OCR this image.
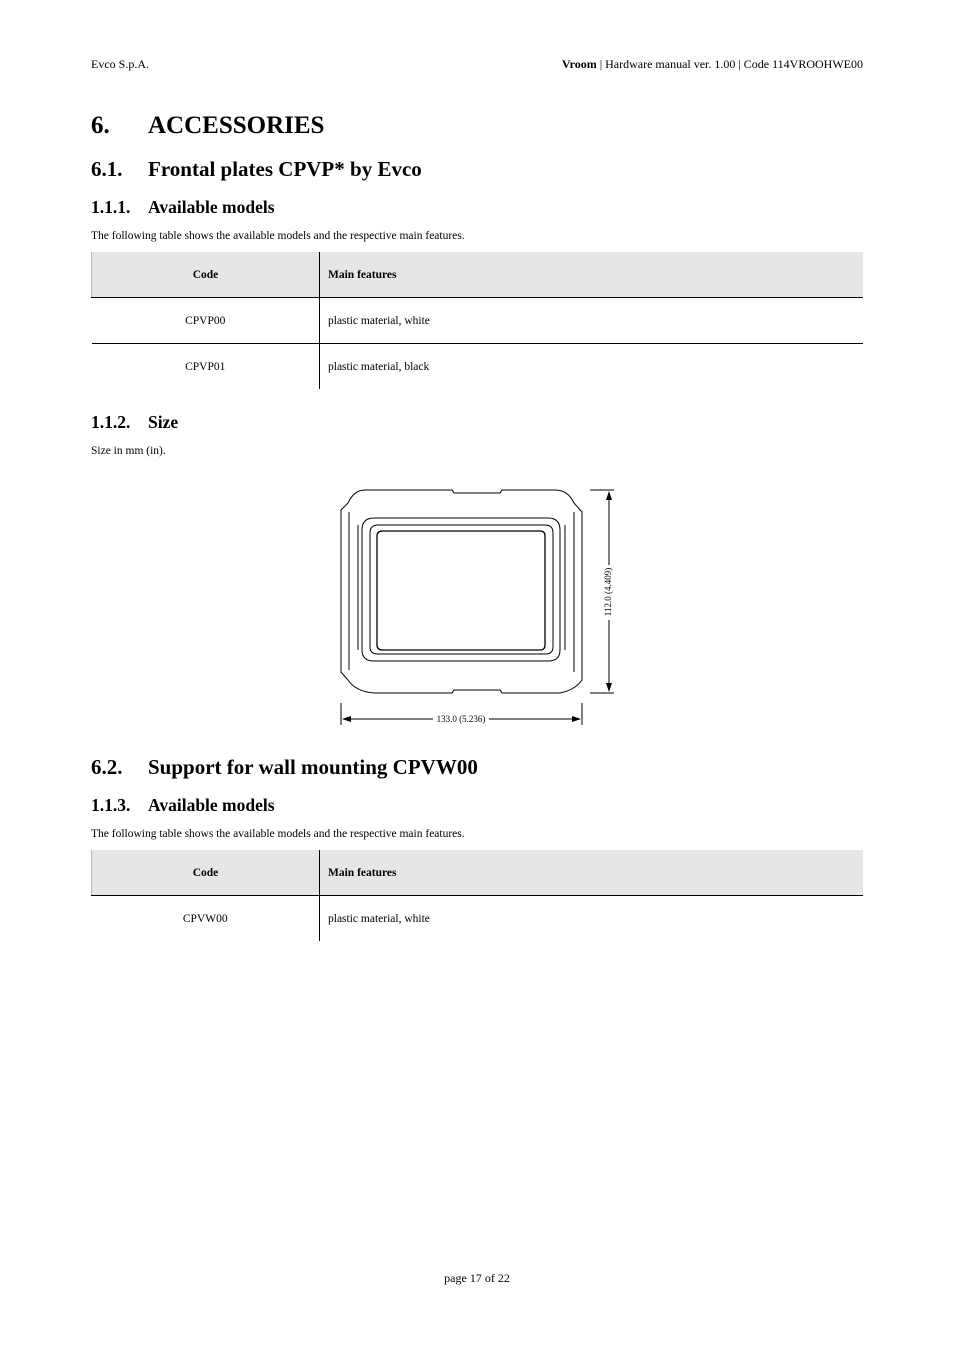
Evco S.p.A.	Vroom | Hardware manual ver. 1.00 | Code 114VROOHWE00
6. ACCESSORIES
6.1. Frontal plates CPVP* by Evco
1.1.1. Available models
The following table shows the available models and the respective main features.
Code	Main features
CPVP00	plastic material, white
CPVP01	plastic material, black
1.1.2. Size
Size in mm (in).
112.0 (4.409)
133.0 (5.236)
6.2. Support for wall mounting CPVW00
1.1.3. Available models
The following table shows the available models and the respective main features.
Code	Main features
CPVW00	plastic material, white
page 17 of 22
